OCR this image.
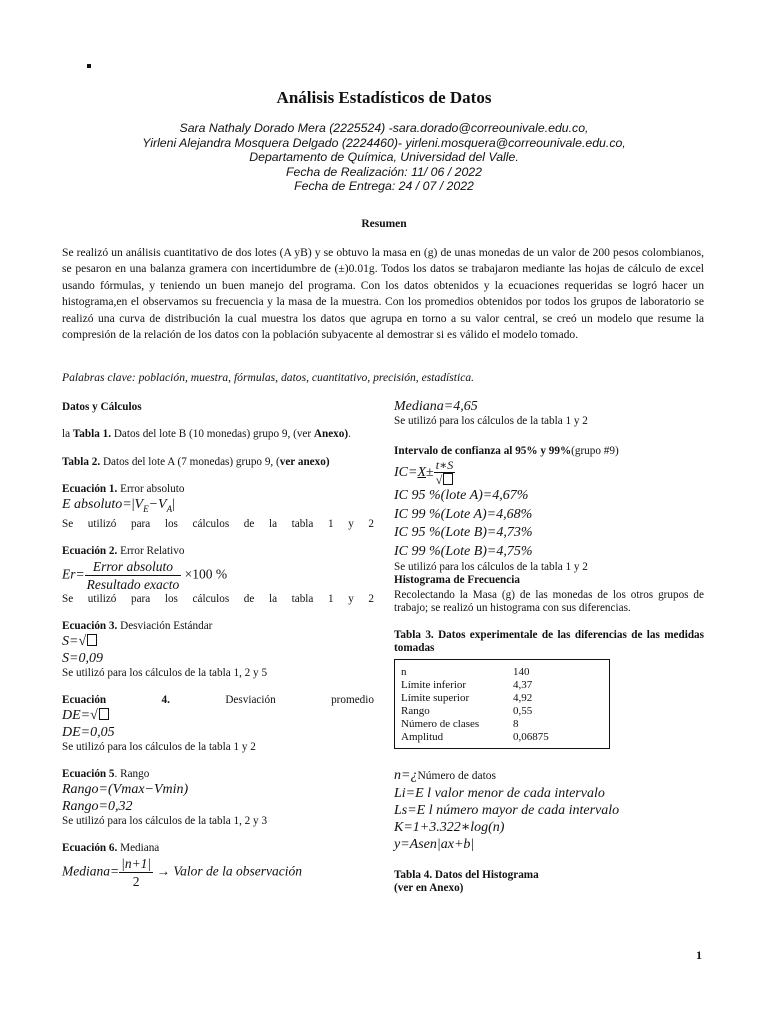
Análisis Estadísticos de Datos
Sara Nathaly Dorado Mera (2225524) -sara.dorado@correounivale.edu.co,
Yirleni Alejandra Mosquera Delgado (2224460)- yirleni.mosquera@correounivale.edu.co,
Departamento de Química, Universidad del Valle.
Fecha de Realización: 11/ 06 / 2022
Fecha de Entrega: 24 / 07 / 2022
Resumen
Se realizó un análisis cuantitativo de dos lotes (A yB) y se obtuvo la masa en (g) de unas monedas de un valor de 200 pesos colombianos, se pesaron en una balanza gramera con incertidumbre de (±)0.01g. Todos los datos se trabajaron mediante las hojas de cálculo de excel usando fórmulas, y teniendo un buen manejo del programa. Con los datos obtenidos y la ecuaciones requeridas se logró hacer un histograma,en el observamos su frecuencia y la masa de la muestra. Con los promedios obtenidos por todos los grupos de laboratorio se realizó una curva de distribución la cual muestra los datos que agrupa en torno a su valor central, se creó un modelo que resume la compresión de la relación de los datos con la población subyacente al demostrar si es válido el modelo tomado.
Palabras clave: población, muestra, fórmulas, datos, cuantitativo, precisión, estadística.

Datos y Cálculos

la Tabla 1. Datos del lote B (10 monedas) grupo 9, (ver Anexo).

Tabla 2. Datos del lote A (7 monedas) grupo 9, (ver anexo)

Ecuación 1. Error absoluto

E $absoluto=|V_E-V_A|$

Se utilizó para los cálculos de la tabla 1 y 2

Ecuación 2. Error Relativo

$Er= \frac{\text{Error absoluto}}{\text{Resultado exacto}} \times 100$ %

Se utilizó para los cálculos de la tabla 1 y 2

Ecuación 3. Desviación Estándar

S=√

S=0,09

Se utilizó para los cálculos de la tabla 1, 2 y 5

Ecuación	4.	Desviación	promedio

DE=√

DE=0,05

Se utilizó para los cálculos de la tabla 1 y 2

Ecuación 5. Rango

Rango=(Vmax−Vmin)

Rango=0,32

Se utilizó para los cálculos de la tabla 1, 2 y 3

Ecuación 6. Mediana

Mediana= $\frac{|n+1|}{2}$ → Valor de la observación

Mediana=4,65

Se utilizó para los cálculos de la tabla 1 y 2

Intervalo de confianza al 95% y 99%(grupo #9)

$IC=X\pm \frac{t∗S}{√}$

IC 95 %(lote A)=4,67%

IC 99 %(Lote A)=4,68%

IC 95 %(Lote B)=4,73%

IC 99 %(Lote B)=4,75%

Se utilizó para los cálculos de la tabla 1 y 2

Histograma de Frecuencia

Recolectando la Masa (g) de las monedas de los otros grupos de trabajo; se realizó un histograma con sus diferencias.

Tabla 3. Datos experimentale de las diferencias de las medidas tomadas

n	140
Límite inferior	4,37
Límite superior	4,92
Rango	0,55
Número de clases	8
Amplitud	0,06875

n=¿Número de datos

Li=E l valor menor de cada intervalo

Ls=E l número mayor de cada intervalo

K=1+3.322∗log(n)

y=Asen|ax+b|

Tabla 4. Datos del Histograma

(ver en Anexo)

1
